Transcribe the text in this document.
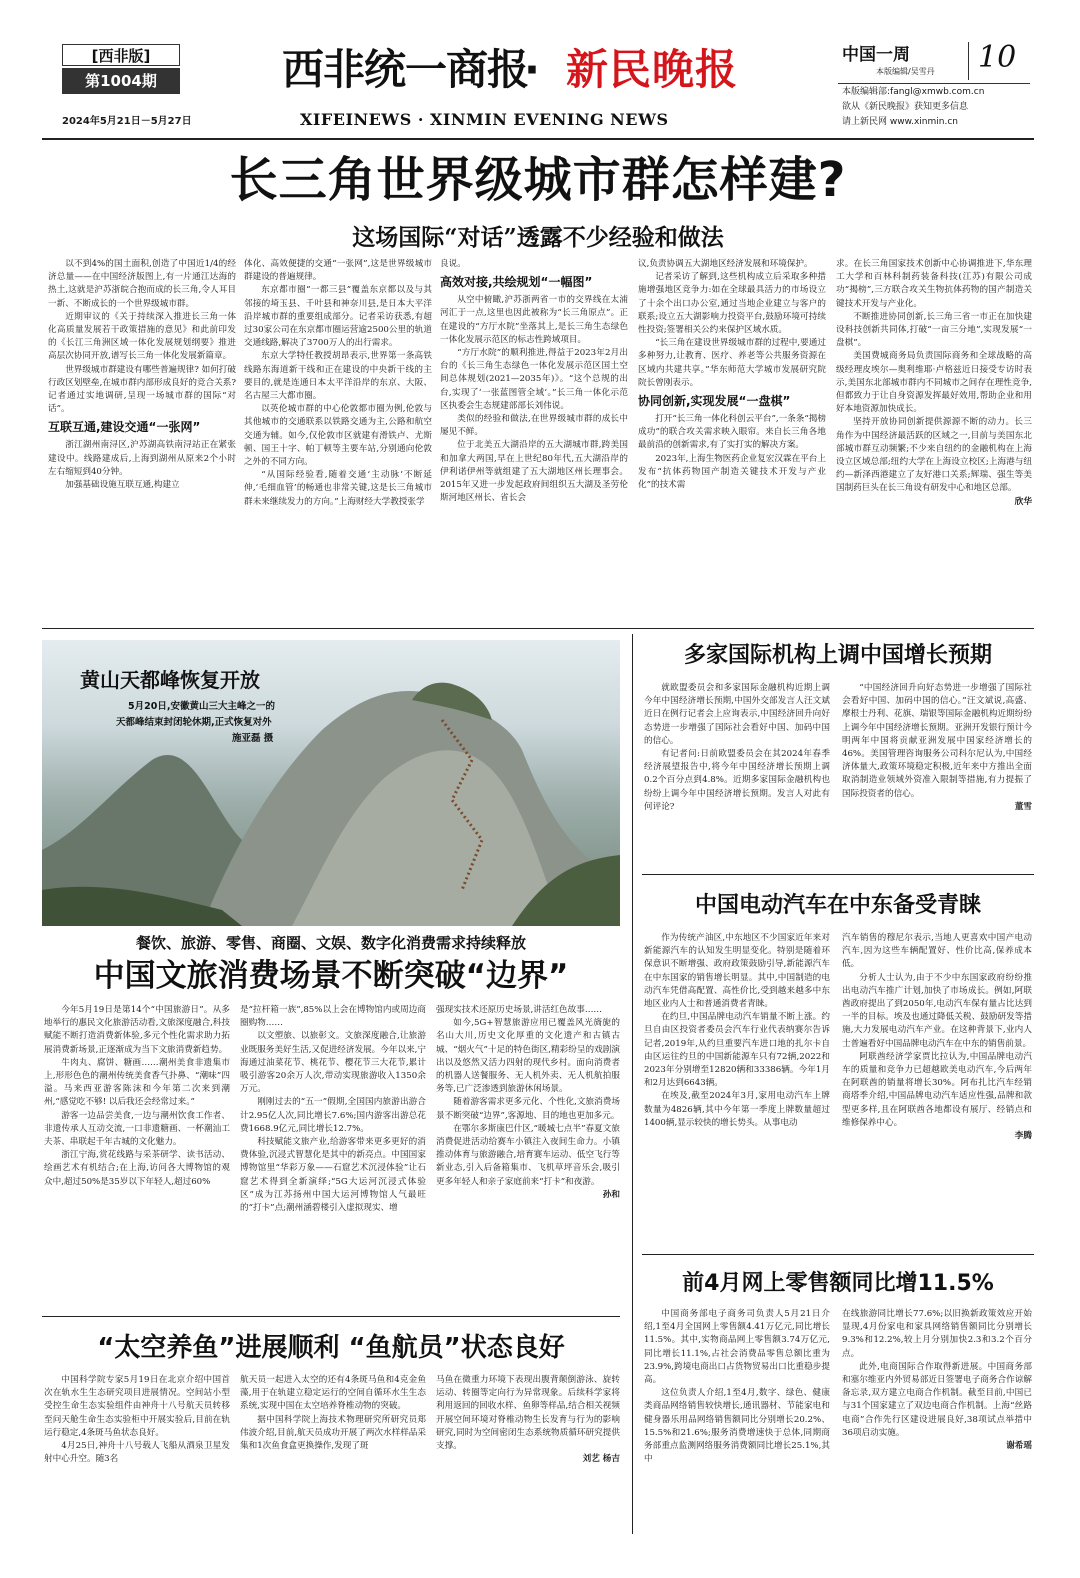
[西非版]
第1004期
2024年5月21日－5月27日
西非统一商报
· 新民晚报
XIFEINEWS · XINMIN EVENING NEWS
中国一周 10
本版编辑/吴雪丹
本版编辑部:fangl@xmwb.com.cn
欲从《新民晚报》获知更多信息
请上新民网 www.xinmin.cn
长三角世界级城市群怎样建?
这场国际“对话”透露不少经验和做法

以不到4%的国土面积,创造了中国近1/4的经济总量——在中国经济版图上,有一片通江达海的热土,这就是沪苏浙皖合抱而成的长三角,令人耳目一新、不断成长的一个世界级城市群。

近期审议的《关于持续深入推进长三角一体化高质量发展若干政策措施的意见》和此前印发的《长江三角洲区域一体化发展规划纲要》推进高层次协同开放,谱写长三角一体化发展新篇章。

世界级城市群建设有哪些普遍规律? 如何打破行政区划壁垒,在城市群内部形成良好的竞合关系? 记者通过实地调研,呈现一场城市群的国际“对话”。

互联互通,建设交通“一张网”

浙江湖州南浔区,沪苏湖高铁南浔站正在紧张建设中。线路建成后,上海到湖州从原来2个小时左右缩短到40分钟。

加强基础设施互联互通,构建立

体化、高效便捷的交通“一张网”,这是世界级城市群建设的普遍规律。

东京都市圈“一都三县”覆盖东京都以及与其邻接的埼玉县、千叶县和神奈川县,是日本大平洋沿岸城市群的重要组成部分。记者采访获悉,有超过30家公司在东京都市圈运营逾2500公里的轨道交通线路,解决了3700万人的出行需求。

东京大学特任教授胡昂表示,世界第一条高铁线路东海道新干线和正在建设的中央新干线的主要目的,就是连通日本太平洋沿岸的东京、大阪、名古屋三大都市圈。

以英伦城市群的中心伦敦都市圈为例,伦敦与其他城市的交通联系以铁路交通为主,公路和航空交通为辅。如今,仅伦敦市区就建有滑铁卢、尤斯顿、国王十字、帕丁顿等主要车站,分别通向伦敦之外的不同方向。

“从国际经验看,随着交通‘主动脉’不断延伸,‘毛细血管’的畅通也非常关键,这是长三角城市群未来继续发力的方向。”上海财经大学教授张学

良说。

高效对接,共绘规划“一幅图”

从空中俯瞰,沪苏浙两省一市的交界线在太浦河汇于一点,这里也因此被称为“长三角原点”。正在建设的“方厅水院”坐落其上,是长三角生态绿色一体化发展示范区的标志性跨域项目。

“方厅水院”的顺利推进,得益于2023年2月出台的《长三角生态绿色一体化发展示范区国土空间总体规划(2021—2035年)》。“这个总规的出台,实现了‘一张蓝图管全域’。”长三角一体化示范区执委会生态规建部部长刘伟说。

类似的经验和做法,在世界级城市群的成长中屡见不鲜。

位于北美五大湖沿岸的五大湖城市群,跨美国和加拿大两国,早在上世纪80年代,五大湖沿岸的伊利诺伊州等就组建了五大湖地区州长理事会。2015年又进一步发起政府间组织五大湖及圣劳伦斯河地区州长、省长会

议,负责协调五大湖地区经济发展和环境保护。

记者采访了解到,这些机构成立后采取多种措施增强地区竞争力:如在全球最具活力的市场设立了十余个出口办公室,通过当地企业建立与客户的联系;设立五大湖影响力投资平台,鼓励环境可持续性投资;签署相关公约来保护区域水质。

“长三角在建设世界级城市群的过程中,要通过多种努力,让教育、医疗、养老等公共服务资源在区域内共建共享。”华东师范大学城市发展研究院院长曾刚表示。

协同创新,实现发展“一盘棋”

打开“长三角一体化科创云平台”,一条条“揭榜成功”的联合攻关需求映入眼帘。来自长三角各地最前沿的创新需求,有了实打实的解决方案。

2023年,上海生物医药企业复宏汉霖在平台上发布“抗体药物国产制造关键技术开发与产业化”的技术需

求。在长三角国家技术创新中心协调推进下,华东理工大学和百林科制药装备科技(江苏)有限公司成功“揭榜”,三方联合攻关生物抗体药物的国产制造关键技术开发与产业化。

不断推进协同创新,长三角三省一市正在加快建设科技创新共同体,打破“一亩三分地”,实现发展“一盘棋”。

美国费城商务局负责国际商务和全球战略的高级经理皮埃尔—奥利维耶·卢格兹近日接受专访时表示,美国东北部城市群内不同城市之间存在理性竞争,但都致力于让自身资源发挥最好效用,帮助企业和用好本地资源加快成长。

坚持开放协同创新提供源源不断的动力。长三角作为中国经济最活跃的区域之一,目前与美国东北部城市群互动频繁;不少来自纽约的金融机构在上海设立区域总部;纽约大学在上海设立校区;上海港与纽约—新泽西港建立了友好港口关系;辉瑞、强生等美国制药巨头在长三角设有研发中心和地区总部。

欣华

黄山天都峰恢复开放
5月20日,安徽黄山三大主峰之一的
天都峰结束封闭轮休期,正式恢复对外
施亚磊 摄
餐饮、旅游、零售、商圈、文娱、数字化消费需求持续释放
中国文旅消费场景不断突破“边界”

今年5月19日是第14个“中国旅游日”。从多地举行的惠民文化旅游活动看,文旅深度融合,科技赋能不断打造消费新体验,多元个性化需求助力拓展消费新场景,正逐渐成为当下文旅消费新趋势。

牛肉丸、腐饼、糖画……潮州美食非遗集市上,形形色色的潮州传统美食香气扑鼻、“潮味”四溢。马来西亚游客陈沫和今年第二次来到潮州,“感觉吃不够! 以后我还会经常过来。”

游客一边品尝美食,一边与潮州饮食工作者、非遗传承人互动交流,一口非遗糖画、一杯潮汕工夫茶、串联起千年古城的文化魅力。

浙江宁海,赏花线路与采茶研学、读书活动、绘画艺术有机结合;在上海,访问各大博物馆的观众中,超过50%是35岁以下年轻人,超过60%

是“拉杆箱一族”,85%以上会在博物馆内或周边商圈购物……

以文塑旅、以旅彰文。文旅深度融合,让旅游业既服务美好生活,又促进经济发展。今年以来,宁海通过油菜花节、桃花节、樱花节三大花节,累计吸引游客20余万人次,带动实现旅游收入1350余万元。

刚刚过去的“五一”假期,全国国内旅游出游合计2.95亿人次,同比增长7.6%;国内游客出游总花费1668.9亿元,同比增长12.7%。

科技赋能文旅产业,给游客带来更多更好的消费体验,沉浸式智慧化是其中的新亮点。中国国家博物馆里“华彩万象——石窟艺术沉浸体验”让石窟艺术得到全新演绎;“5G大运河沉浸式体验区”成为江苏扬州中国大运河博物馆人气最旺的“打卡”点;潮州涵碧楼引入虚拟现实、增

强现实技术还原历史场景,讲活红色故事……

如今,5G+智慧旅游应用已覆盖风光旖旎的名山大川,历史文化厚重的文化遗产和古镇古城、“烟火气”十足的特色街区,精彩纷呈的戏剧演出以及悠然又活力四射的现代乡村。面向消费者的机器人送餐服务、无人机外卖、无人机航拍服务等,已广泛渗透到旅游休闲场景。

随着游客需求更多元化、个性化,文旅消费场景不断突破“边界”,客源地、目的地也更加多元。

在鄂尔多斯康巴什区,“暖城七点半”春夏文旅消费促进活动给赛车小镇注入夜间生命力。小镇推动体育与旅游融合,培育赛车运动、低空飞行等新业态,引入后备箱集市、飞机草坪音乐会,吸引更多年轻人和亲子家庭前来“打卡”和夜游。

孙和

“太空养鱼”进展顺利 “鱼航员”状态良好

中国科学院专家5月19日在北京介绍中国首次在轨水生生态研究项目进展情况。空间站小型受控生命生态实验组件由神舟十八号航天员转移至问天舱生命生态实验柜中开展实验后,目前在轨运行稳定,4条斑马鱼状态良好。

4月25日,神舟十八号载人飞船从酒泉卫星发射中心升空。随3名

航天员一起进入太空的还有4条斑马鱼和4克金鱼藻,用于在轨建立稳定运行的空间自循环水生生态系统,实现中国在太空培养脊椎动物的突破。

据中国科学院上海技术物理研究所研究员郑伟波介绍,目前,航天员成功开展了两次水样样品采集和1次鱼食盒更换操作,发现了斑

马鱼在微重力环境下表现出腹背颠倒游泳、旋转运动、转圈等定向行为异常现象。后续科学家将利用返回的回收水样、鱼卵等样品,结合相关视频开展空间环境对脊椎动物生长发育与行为的影响研究,同时为空间密闭生态系统物质循环研究提供支撑。

刘艺 杨吉

多家国际机构上调中国增长预期

就欧盟委员会和多家国际金融机构近期上调今年中国经济增长预期,中国外交部发言人汪文斌近日在例行记者会上应询表示,中国经济回升向好态势进一步增强了国际社会看好中国、加码中国的信心。

有记者问:日前欧盟委员会在其2024年春季经济展望报告中,将今年中国经济增长预期上调0.2个百分点到4.8%。近期多家国际金融机构也纷纷上调今年中国经济增长预期。发言人对此有何评论?

“中国经济回升向好态势进一步增强了国际社会看好中国、加码中国的信心。”汪文斌说,高盛、摩根士丹利、花旗、瑞银等国际金融机构近期纷纷上调今年中国经济增长预期。亚洲开发银行预计今明两年中国将贡献亚洲发展中国家经济增长的46%。美国管理咨询服务公司科尔尼认为,中国经济体量大,政策环境稳定积极,近年来中方推出全面取消制造业领域外资准入限制等措施,有力提振了国际投资者的信心。

董雪

中国电动汽车在中东备受青睐

作为传统产油区,中东地区不少国家近年来对新能源汽车的认知发生明显变化。特别是随着环保意识不断增强、政府政策鼓励引导,新能源汽车在中东国家的销售增长明显。其中,中国制造的电动汽车凭借高配置、高性价比,受到越来越多中东地区业内人士和普通消费者青睐。

在约旦,中国品牌电动汽车销量不断上涨。约旦自由区投资者委员会汽车行业代表纳赛尔告诉记者,2019年,从约旦重要汽车进口地的扎尔卡自由区运往约旦的中国新能源车只有72辆,2022和2023年分别增至12820辆和33386辆。今年1月和2月达到6643辆。

在埃及,截至2024年3月,家用电动汽车上牌数量为4826辆,其中今年第一季度上牌数量超过1400辆,显示较快的增长势头。从事电动

汽车销售的穆尼尔表示,当地人更喜欢中国产电动汽车,因为这些车辆配置好、性价比高,保养成本低。

分析人士认为,由于不少中东国家政府纷纷推出电动汽车推广计划,加快了市场成长。例如,阿联酋政府提出了到2050年,电动汽车保有量占比达到一半的目标。埃及也通过降低关税、鼓励研发等措施,大力发展电动汽车产业。在这种背景下,业内人士普遍看好中国品牌电动汽车在中东的销售前景。

阿联酋经济学家贾比拉认为,中国品牌电动汽车的质量和竞争力已超越欧美电动汽车,今后两年在阿联酋的销量将增长30%。阿布扎比汽车经销商塔季介绍,中国品牌电动汽车适应性强,品牌和款型更多样,且在阿联酋各地都设有展厅、经销点和维修保养中心。

李腾

前4月网上零售额同比增11.5%

中国商务部电子商务司负责人5月21日介绍,1至4月全国网上零售额4.41万亿元,同比增长11.5%。其中,实物商品网上零售额3.74万亿元,同比增长11.1%,占社会消费品零售总额比重为23.9%,跨境电商出口占货物贸易出口比重稳步提高。

这位负责人介绍,1至4月,数字、绿色、健康类商品网络销售较快增长,通讯器材、节能家电和健身器乐用品网络销售额同比分别增长20.2%、15.5%和21.6%;服务消费增速快于总体,同期商务部重点监测网络服务消费额同比增长25.1%,其中

在线旅游同比增长77.6%;以旧换新政策效应开始显现,4月份家电和家具网络销售额同比分别增长9.3%和12.2%,较上月分别加快2.3和3.2个百分点。

此外,电商国际合作取得新进展。中国商务部和塞尔维亚内外贸易部近日签署电子商务合作谅解备忘录,双方建立电商合作机制。截至目前,中国已与31个国家建立了双边电商合作机制。上海“丝路电商”合作先行区建设进展良好,38项试点举措中36项启动实施。

谢希瑶
